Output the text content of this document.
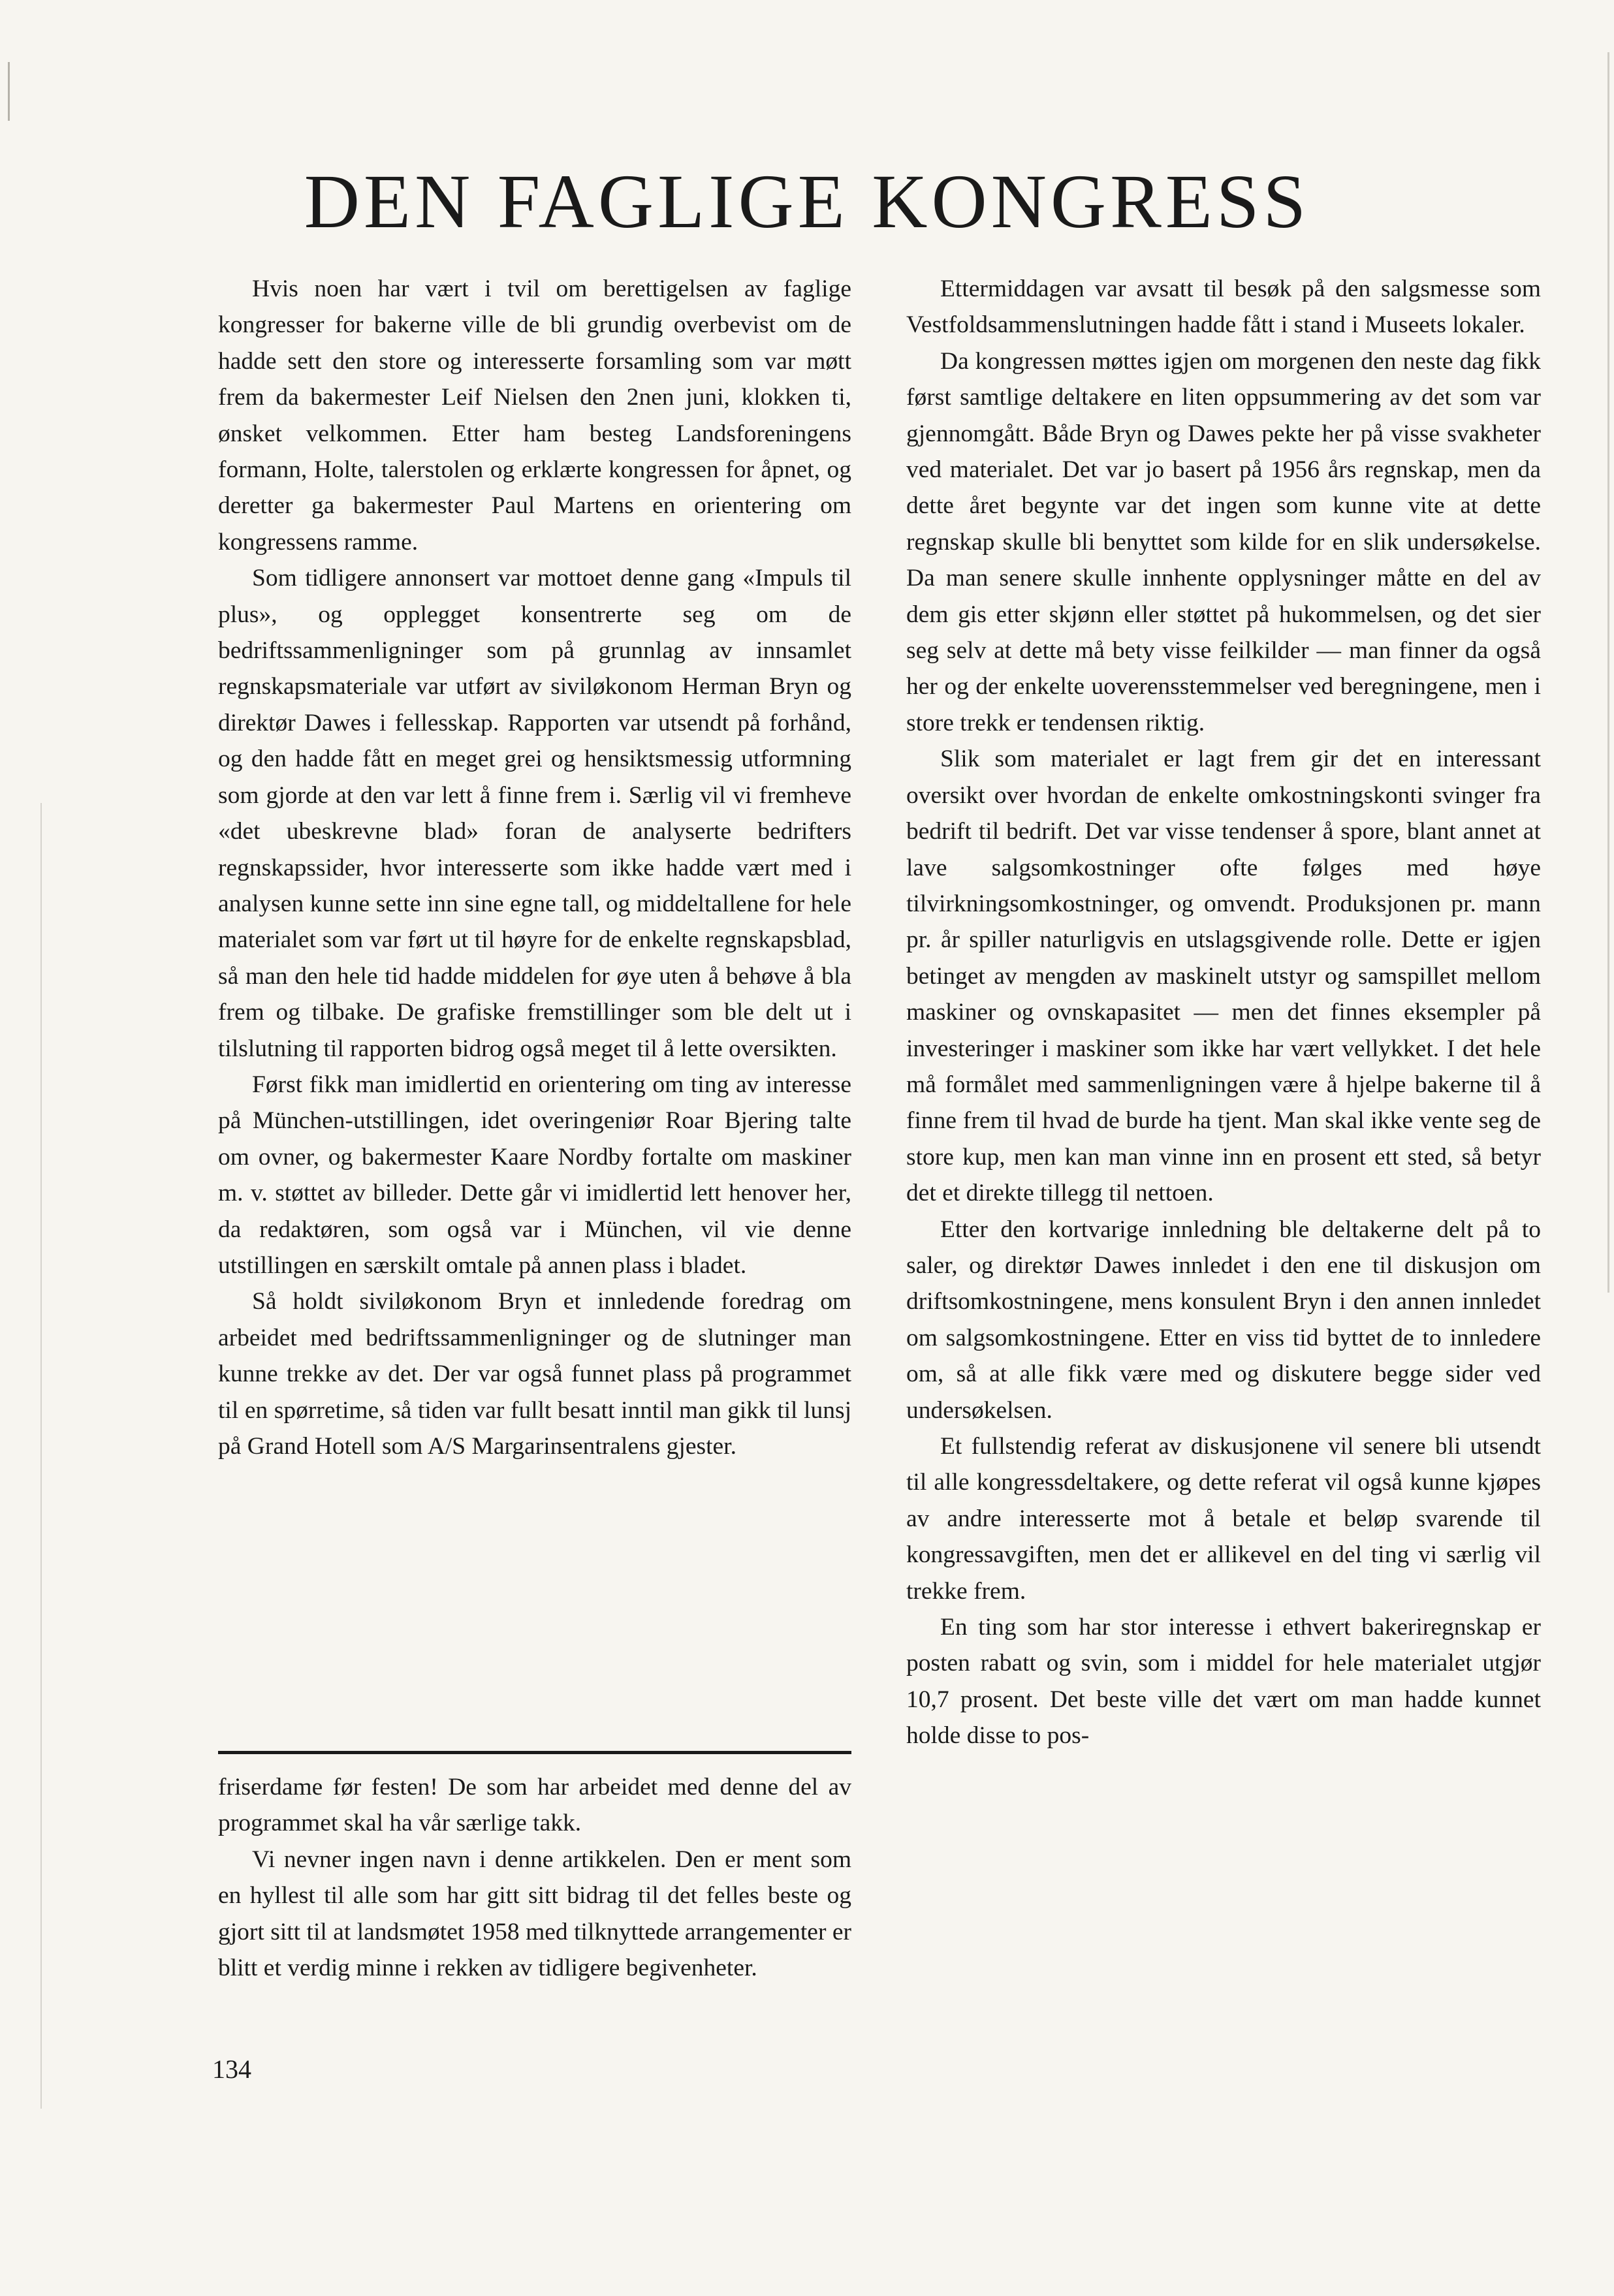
DEN FAGLIGE KONGRESS

Hvis noen har vært i tvil om berettigelsen av faglige kongresser for bakerne ville de bli grundig overbevist om de hadde sett den store og interesserte forsamling som var møtt frem da bakermester Leif Nielsen den 2nen juni, klokken ti, ønsket velkommen. Etter ham besteg Landsforeningens formann, Holte, talerstolen og erklærte kongressen for åpnet, og deretter ga bakermester Paul Martens en orientering om kongressens ramme.

Som tidligere annonsert var mottoet denne gang «Impuls til plus», og opplegget konsentrerte seg om de bedriftssammenligninger som på grunnlag av innsamlet regnskapsmateriale var utført av siviløkonom Herman Bryn og direktør Dawes i fellesskap. Rapporten var utsendt på forhånd, og den hadde fått en meget grei og hensiktsmessig utformning som gjorde at den var lett å finne frem i. Særlig vil vi fremheve «det ubeskrevne blad» foran de analyserte bedrifters regnskapssider, hvor interesserte som ikke hadde vært med i analysen kunne sette inn sine egne tall, og middeltallene for hele materialet som var ført ut til høyre for de enkelte regnskapsblad, så man den hele tid hadde middelen for øye uten å behøve å bla frem og tilbake. De grafiske fremstillinger som ble delt ut i tilslutning til rapporten bidrog også meget til å lette oversikten.

Først fikk man imidlertid en orientering om ting av interesse på München-utstillingen, idet overingeniør Roar Bjering talte om ovner, og bakermester Kaare Nordby fortalte om maskiner m. v. støttet av billeder. Dette går vi imidlertid lett henover her, da redaktøren, som også var i München, vil vie denne utstillingen en særskilt omtale på annen plass i bladet.

Så holdt siviløkonom Bryn et innledende foredrag om arbeidet med bedriftssammenligninger og de slutninger man kunne trekke av det. Der var også funnet plass på programmet til en spørretime, så tiden var fullt besatt inntil man gikk til lunsj på Grand Hotell som A/S Margarinsentralens gjester.

friserdame før festen! De som har arbeidet med denne del av programmet skal ha vår særlige takk.

Vi nevner ingen navn i denne artikkelen. Den er ment som en hyllest til alle som har gitt sitt bidrag til det felles beste og gjort sitt til at landsmøtet 1958 med tilknyttede arrangementer er blitt et verdig minne i rekken av tidligere begivenheter.

Ettermiddagen var avsatt til besøk på den salgsmesse som Vestfoldsammenslutningen hadde fått i stand i Museets lokaler.

Da kongressen møttes igjen om morgenen den neste dag fikk først samtlige deltakere en liten oppsummering av det som var gjennomgått. Både Bryn og Dawes pekte her på visse svakheter ved materialet. Det var jo basert på 1956 års regnskap, men da dette året begynte var det ingen som kunne vite at dette regnskap skulle bli benyttet som kilde for en slik undersøkelse. Da man senere skulle innhente opplysninger måtte en del av dem gis etter skjønn eller støttet på hukommelsen, og det sier seg selv at dette må bety visse feilkilder — man finner da også her og der enkelte uoverensstemmelser ved beregningene, men i store trekk er tendensen riktig.

Slik som materialet er lagt frem gir det en interessant oversikt over hvordan de enkelte omkostningskonti svinger fra bedrift til bedrift. Det var visse tendenser å spore, blant annet at lave salgsomkostninger ofte følges med høye tilvirkningsomkostninger, og omvendt. Produksjonen pr. mann pr. år spiller naturligvis en utslagsgivende rolle. Dette er igjen betinget av mengden av maskinelt utstyr og samspillet mellom maskiner og ovnskapasitet — men det finnes eksempler på investeringer i maskiner som ikke har vært vellykket. I det hele må formålet med sammenligningen være å hjelpe bakerne til å finne frem til hvad de burde ha tjent. Man skal ikke vente seg de store kup, men kan man vinne inn en prosent ett sted, så betyr det et direkte tillegg til nettoen.

Etter den kortvarige innledning ble deltakerne delt på to saler, og direktør Dawes innledet i den ene til diskusjon om driftsomkostningene, mens konsulent Bryn i den annen innledet om salgsomkostningene. Etter en viss tid byttet de to innledere om, så at alle fikk være med og diskutere begge sider ved undersøkelsen.

Et fullstendig referat av diskusjonene vil senere bli utsendt til alle kongressdeltakere, og dette referat vil også kunne kjøpes av andre interesserte mot å betale et beløp svarende til kongressavgiften, men det er allikevel en del ting vi særlig vil trekke frem.

En ting som har stor interesse i ethvert bakeriregnskap er posten rabatt og svin, som i middel for hele materialet utgjør 10,7 prosent. Det beste ville det vært om man hadde kunnet holde disse to pos-

134
